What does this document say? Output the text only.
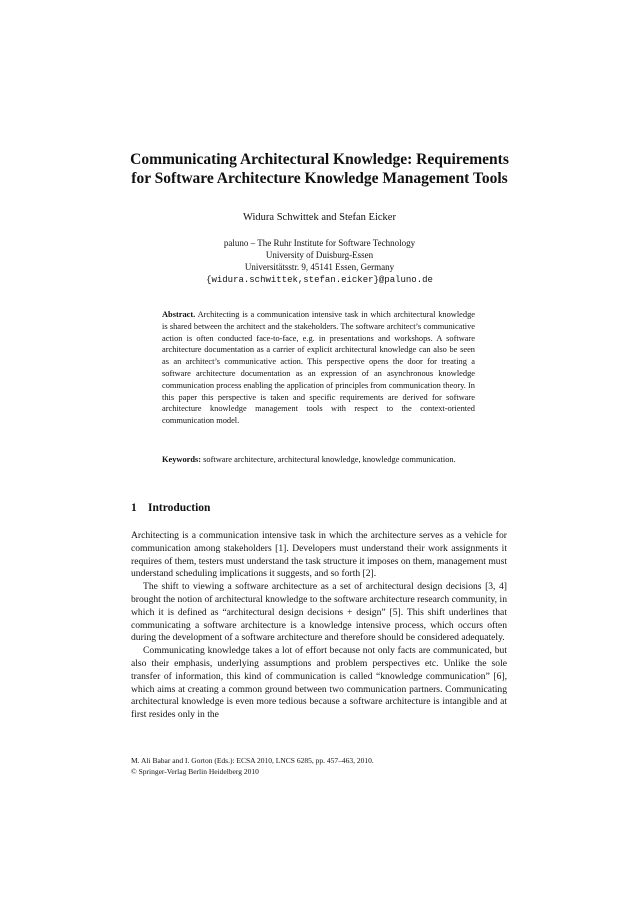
Communicating Architectural Knowledge: Requirements
for Software Architecture Knowledge Management Tools
Widura Schwittek and Stefan Eicker
paluno – The Ruhr Institute for Software Technology
University of Duisburg-Essen
Universitätsstr. 9, 45141 Essen, Germany
{widura.schwittek,stefan.eicker}@paluno.de
Abstract. Architecting is a communication intensive task in which architectural knowledge is shared between the architect and the stakeholders. The software architect’s communicative action is often conducted face-to-face, e.g. in presentations and workshops. A software architecture documentation as a carrier of explicit architectural knowledge can also be seen as an architect’s communicative action. This perspective opens the door for treating a software architecture documentation as an expression of an asynchronous knowledge communication process enabling the application of principles from communication theory. In this paper this perspective is taken and specific requirements are derived for software architecture knowledge management tools with respect to the context-oriented communication model.
Keywords: software architecture, architectural knowledge, knowledge communication.
1 Introduction

Architecting is a communication intensive task in which the architecture serves as a vehicle for communication among stakeholders [1]. Developers must understand their work assignments it requires of them, testers must understand the task structure it imposes on them, management must understand scheduling implications it suggests, and so forth [2].

The shift to viewing a software architecture as a set of architectural design decisions [3, 4] brought the notion of architectural knowledge to the software architecture research community, in which it is defined as “architectural design decisions + design” [5]. This shift underlines that communicating a software architecture is a knowledge intensive process, which occurs often during the development of a software architecture and therefore should be considered adequately.

Communicating knowledge takes a lot of effort because not only facts are communicated, but also their emphasis, underlying assumptions and problem perspectives etc. Unlike the sole transfer of information, this kind of communication is called “knowledge communication” [6], which aims at creating a common ground between two communication partners. Communicating architectural knowledge is even more tedious because a software architecture is intangible and at first resides only in the

M. Ali Babar and I. Gorton (Eds.): ECSA 2010, LNCS 6285, pp. 457–463, 2010.
© Springer-Verlag Berlin Heidelberg 2010
